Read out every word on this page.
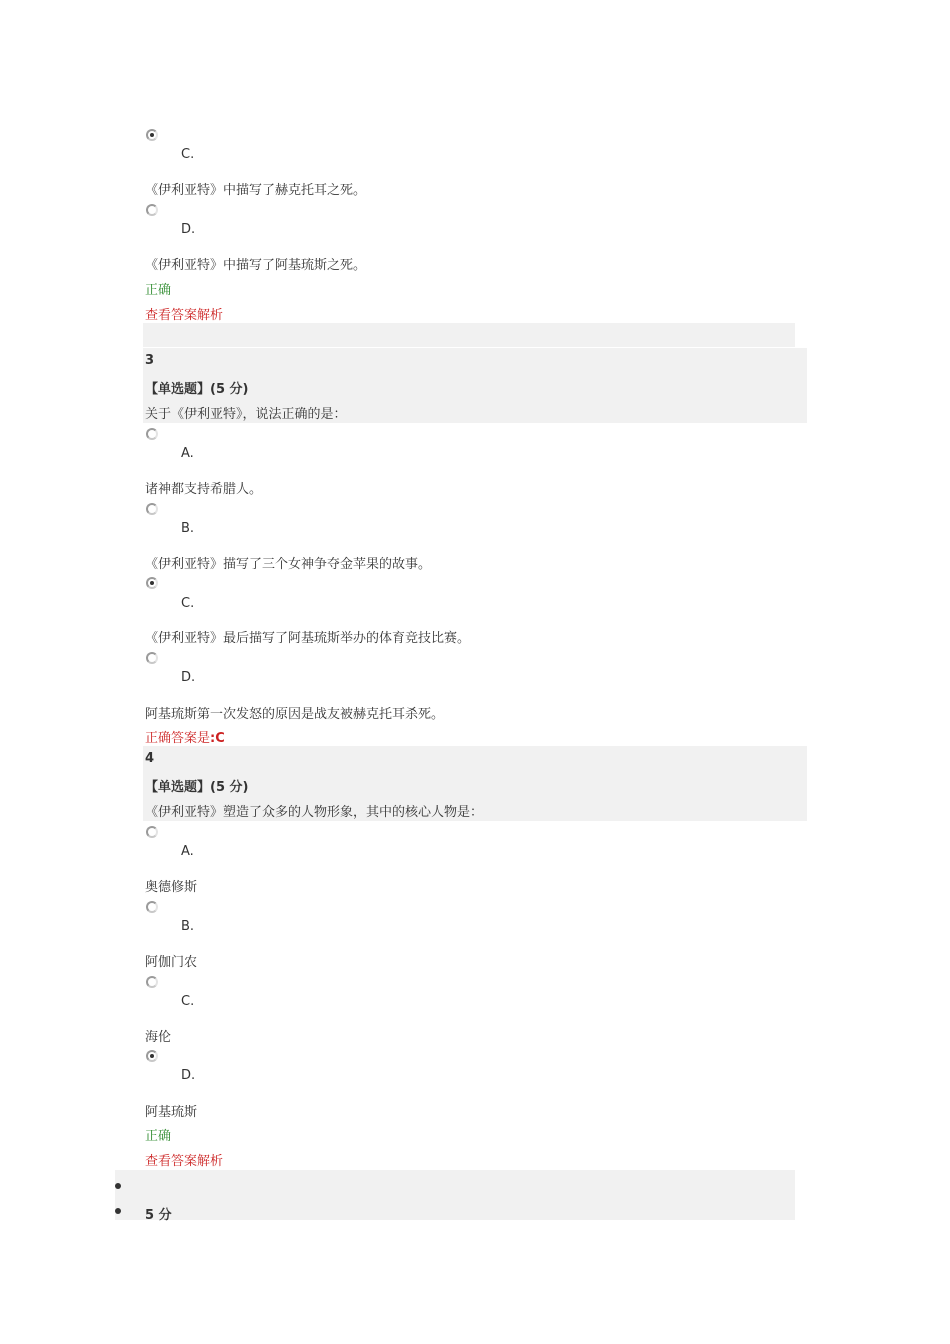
C.
《伊利亚特》中描写了赫克托耳之死。
D.
《伊利亚特》中描写了阿基琉斯之死。
正确
查看答案解析
3
【单选题】(5 分)
关于《伊利亚特》，说法正确的是：
A.
诸神都支持希腊人。
B.
《伊利亚特》描写了三个女神争夺金苹果的故事。
C.
《伊利亚特》最后描写了阿基琉斯举办的体育竞技比赛。
D.
阿基琉斯第一次发怒的原因是战友被赫克托耳杀死。
正确答案是:C
4
【单选题】(5 分)
《伊利亚特》塑造了众多的人物形象，其中的核心人物是：
A.
奥德修斯
B.
阿伽门农
C.
海伦
D.
阿基琉斯
正确
查看答案解析
5 分
